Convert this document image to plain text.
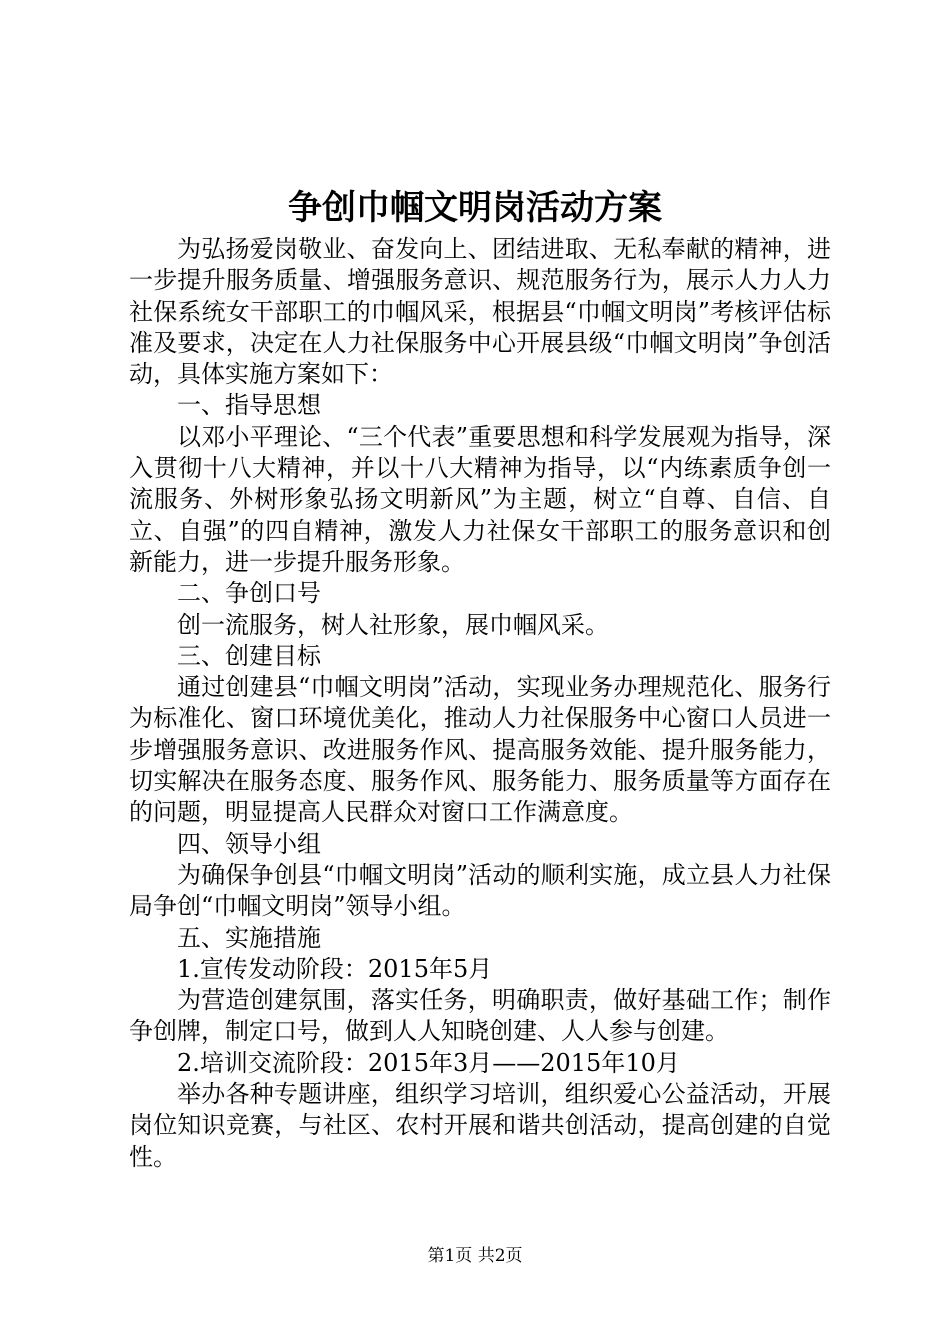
争创巾帼文明岗活动方案

为弘扬爱岗敬业、奋发向上、团结进取、无私奉献的精神，进一步提升服务质量、增强服务意识、规范服务行为，展示人力人力社保系统女干部职工的巾帼风采，根据县“巾帼文明岗”考核评估标准及要求，决定在人力社保服务中心开展县级“巾帼文明岗”争创活动，具体实施方案如下：

一、指导思想

以邓小平理论、“三个代表”重要思想和科学发展观为指导，深入贯彻十八大精神，并以十八大精神为指导，以“内练素质争创一流服务、外树形象弘扬文明新风”为主题，树立“自尊、自信、自立、自强”的四自精神，激发人力社保女干部职工的服务意识和创新能力，进一步提升服务形象。

二、争创口号

创一流服务，树人社形象，展巾帼风采。

三、创建目标

通过创建县“巾帼文明岗”活动，实现业务办理规范化、服务行为标准化、窗口环境优美化，推动人力社保服务中心窗口人员进一步增强服务意识、改进服务作风、提高服务效能、提升服务能力，切实解决在服务态度、服务作风、服务能力、服务质量等方面存在的问题，明显提高人民群众对窗口工作满意度。

四、领导小组

为确保争创县“巾帼文明岗”活动的顺利实施，成立县人力社保局争创“巾帼文明岗”领导小组。

五、实施措施

1.宣传发动阶段：2015年5月

为营造创建氛围，落实任务，明确职责，做好基础工作；制作争创牌，制定口号，做到人人知晓创建、人人参与创建。

2.培训交流阶段：2015年3月——2015年10月

举办各种专题讲座，组织学习培训，组织爱心公益活动，开展岗位知识竞赛，与社区、农村开展和谐共创活动，提高创建的自觉性。

第1页 共2页
